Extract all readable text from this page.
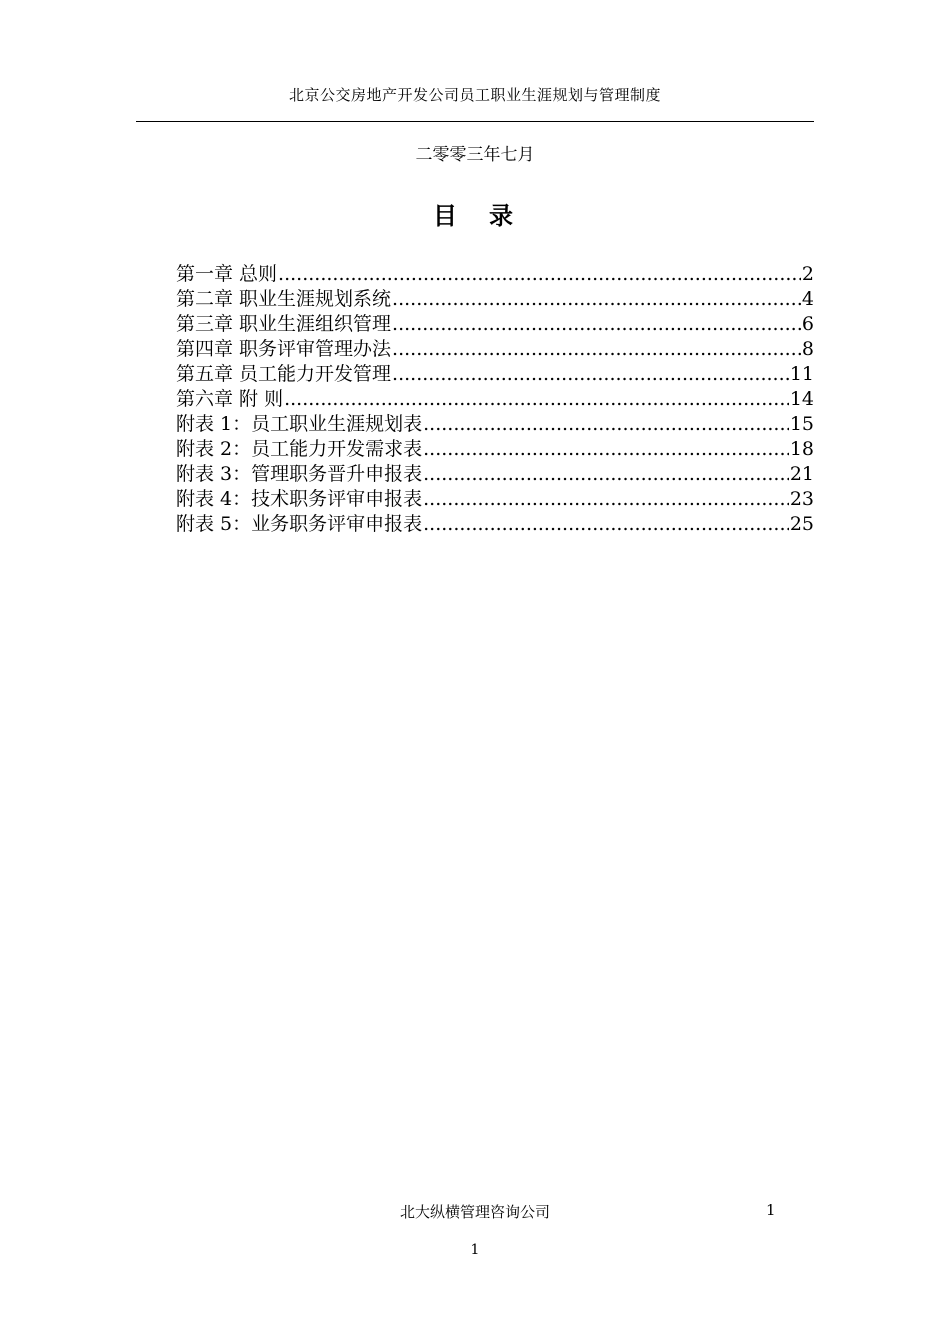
北京公交房地产开发公司员工职业生涯规划与管理制度
二零零三年七月
目　录
第一章 总则 .....	2
第二章 职业生涯规划系统 .....	4
第三章 职业生涯组织管理 .....	6
第四章 职务评审管理办法 .....	8
第五章 员工能力开发管理 .....	11
第六章 附 则 .....	14
附表 1：员工职业生涯规划表 .....	15
附表 2：员工能力开发需求表 .....	18
附表 3：管理职务晋升申报表 .....	21
附表 4：技术职务评审申报表 .....	23
附表 5：业务职务评审申报表 .....	25
北大纵横管理咨询公司	1
1
